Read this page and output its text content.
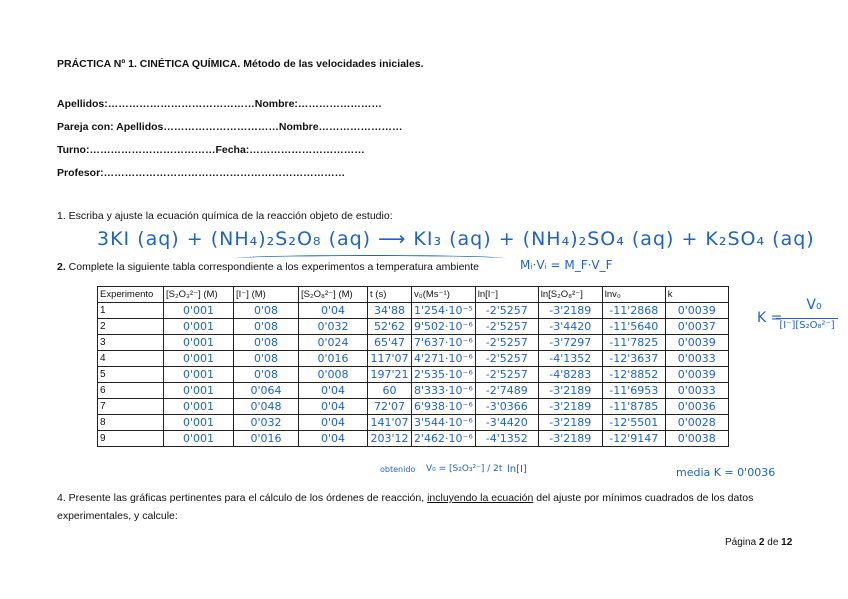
PRÁCTICA Nº 1. CINÉTICA QUÍMICA. Método de las velocidades iniciales.
Apellidos:……………………………………Nombre:……………………
Pareja con: Apellidos……………………………Nombre……………………
Turno:………………………………Fecha:……………………………
Profesor:……………………………………………………………
1. Escriba y ajuste la ecuación química de la reacción objeto de estudio:
3KI (aq) + (NH₄)₂S₂O₈ (aq) ⟶ KI₃ (aq) + (NH₄)₂SO₄ (aq) + K₂SO₄ (aq)
2. Complete la siguiente tabla correspondiente a los experimentos a temperatura ambiente	Mᵢ·Vᵢ = M_F·V_F
Experimento	[S₂O₃²⁻] (M)	[I⁻] (M)	[S₂O₈²⁻] (M)	t (s)	v₀(Ms⁻¹)	ln[I⁻]	ln[S₂O₈²⁻]	lnv₀	k
1	0'001	0'08	0'04	34'88	1'254·10⁻⁵	-2'5257	-3'2189	-11'2868	0'0039
2	0'001	0'08	0'032	52'62	9'502·10⁻⁶	-2'5257	-3'4420	-11'5640	0'0037
3	0'001	0'08	0'024	65'47	7'637·10⁻⁶	-2'5257	-3'7297	-11'7825	0'0039
4	0'001	0'08	0'016	117'07	4'271·10⁻⁶	-2'5257	-4'1352	-12'3637	0'0033
5	0'001	0'08	0'008	197'21	2'535·10⁻⁶	-2'5257	-4'8283	-12'8852	0'0039
6	0'001	0'064	0'04	60	8'333·10⁻⁶	-2'7489	-3'2189	-11'6953	0'0033
7	0'001	0'048	0'04	72'07	6'938·10⁻⁶	-3'0366	-3'2189	-11'8785	0'0036
8	0'001	0'032	0'04	141'07	3'544·10⁻⁶	-3'4420	-3'2189	-12'5501	0'0028
9	0'001	0'016	0'04	203'12	2'462·10⁻⁶	-4'1352	-3'2189	-12'9147	0'0038
K =
V₀
[I⁻][S₂O₈²⁻]
obtenido V₀ = [S₂O₃²⁻] / 2t ln[I]	media K = 0'0036
4. Presente las gráficas pertinentes para el cálculo de los órdenes de reacción, incluyendo la ecuación del ajuste por mínimos cuadrados de los datos
experimentales, y calcule:
Página 2 de 12
